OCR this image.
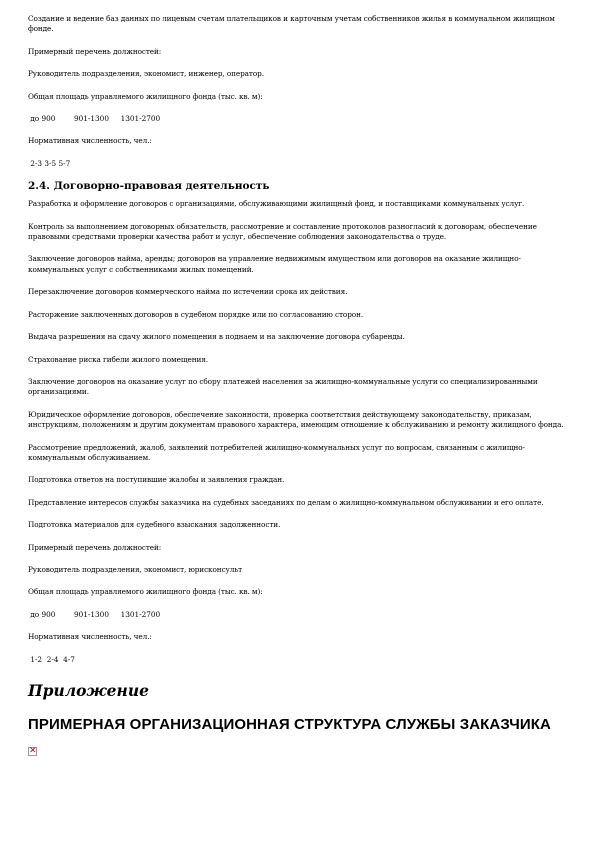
Создание и ведение баз данных по лицевым счетам плательщиков и карточным учетам собственников жилья в коммунальном жилищном фонде.

Примерный перечень должностей:

Руководитель подразделения, экономист, инженер, оператор.

Общая площадь управляемого жилищного фонда (тыс. кв. м):

до 900        901-1300     1301-2700

Нормативная численность, чел.:

2-3 3-5 5-7

2.4. Договорно-правовая деятельность

Разработка и оформление договоров с организациями, обслуживающими жилищный фонд, и поставщиками коммунальных услуг.

Контроль за выполнением договорных обязательств, рассмотрение и составление протоколов разногласий к договорам, обеспечение правовыми средствами проверки качества работ и услуг, обеспечение соблюдения законодательства о труде.

Заключение договоров найма, аренды; договоров на управление недвижимым имуществом или договоров на оказание жилищно-коммунальных услуг с собственниками жилых помещений.

Перезаключение договоров коммерческого найма по истечении срока их действия.

Расторжение заключенных договоров в судебном порядке или по согласованию сторон.

Выдача разрешения на сдачу жилого помещения в поднаем и на заключение договора субаренды.

Страхование риска гибели жилого помещения.

Заключение договоров на оказание услуг по сбору платежей населения за жилищно-коммунальные услуги со специализированными организациями.

Юридическое оформление договоров, обеспечение законности, проверка соответствия действующему законодательству, приказам, инструкциям, положениям и другим документам правового характера, имеющим отношение к обслуживанию и ремонту жилищного фонда.

Рассмотрение предложений, жалоб, заявлений потребителей жилищно-коммунальных услуг по вопросам, связанным с жилищно-коммунальным обслуживанием.

Подготовка ответов на поступившие жалобы и заявления граждан.

Представление интересов службы заказчика на судебных заседаниях по делам о жилищно-коммунальном обслуживании и его оплате.

Подготовка материалов для судебного взыскания задолженности.

Примерный перечень должностей:

Руководитель подразделения, экономист, юрисконсульт

Общая площадь управляемого жилищного фонда (тыс. кв. м):

до 900        901-1300     1301-2700

Нормативная численность, чел.:

1-2  2-4  4-7

Приложение
ПРИМЕРНАЯ ОРГАНИЗАЦИОННАЯ СТРУКТУРА СЛУЖБЫ ЗАКАЗЧИКА
✕
